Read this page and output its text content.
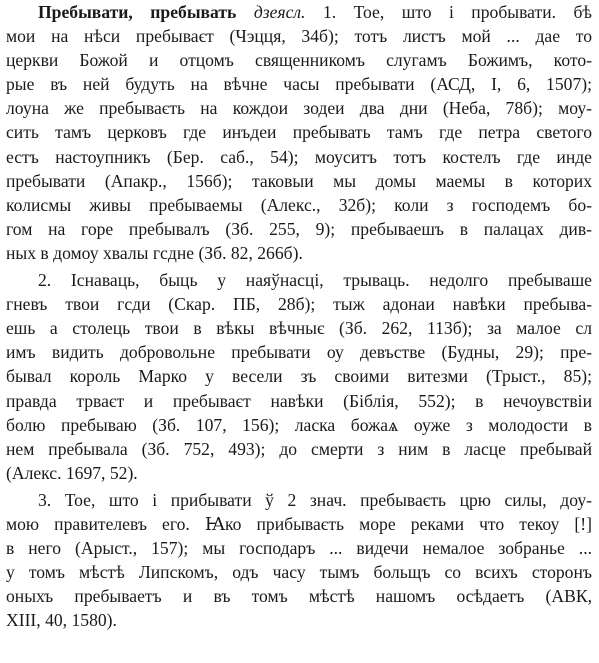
Пребывати, пребывать дзеясл. 1. Тое, што і пробывати. бѣ
мои на нѣси пребываєт (Чэцця, 34б); тотъ листъ мой ... дае то
церкви Божой и отцомъ священникомъ слугамъ Божимъ, кото-
рые въ ней будуть на вѣчне часы пребывати (АСД, І, 6, 1507);
лоуна же пребываєть на кождои зодеи два дни (Неба, 78б); моу-
сить тамъ церковъ где инъдеи пребывать тамъ где петра светого
естъ настоупникъ (Бер. саб., 54); моуситъ тотъ костелъ где инде
пребывати (Апакр., 156б); таковыи мы домы маемы в которих
колисмы живы пребываемы (Алекс., 32б); коли з господемъ бо-
гом на горе пребывалъ (Зб. 255, 9); пребываешъ в палацах див-
ных в домоу хвалы гсдне (Зб. 82, 266б).
2. Існаваць, быць у наяўнасці, трываць. недолго пребываше
гневъ твои гсди (Скар. ПБ, 28б); тыж адонаи навѣки пребыва-
ешь а столець твои в вѣкы вѣчныє (Зб. 262, 113б); за малое сл
имъ видить добровольне пребывати оу девъстве (Будны, 29); пре-
бывал король Марко у весели зъ своими витезми (Трыст., 85);
правда трваєт и пребываєт навѣки (Біблія, 552); в нечоувствіи
болю пребываю (Зб. 107, 156); ласка божаѧ оуже з молодости в
нем пребывала (Зб. 752, 493); до смерти з ним в ласце пребывай
(Алекс. 1697, 52).
3. Тое, што і прибывати ў 2 знач. пребываєть црю силы, доу-
мою правителевъ его. Ꙗко прибываєть море реками что текоу [!]
в него (Арыст., 157); мы господаръ ... видечи немалое зобранье ...
у томъ мѣстѣ Липскомъ, одъ часу тымъ больщъ со всихъ сторонъ
оныхъ пребываетъ и въ томъ мѣстѣ нашомъ осѣдаетъ (АВК,
ХІІІ, 40, 1580).
